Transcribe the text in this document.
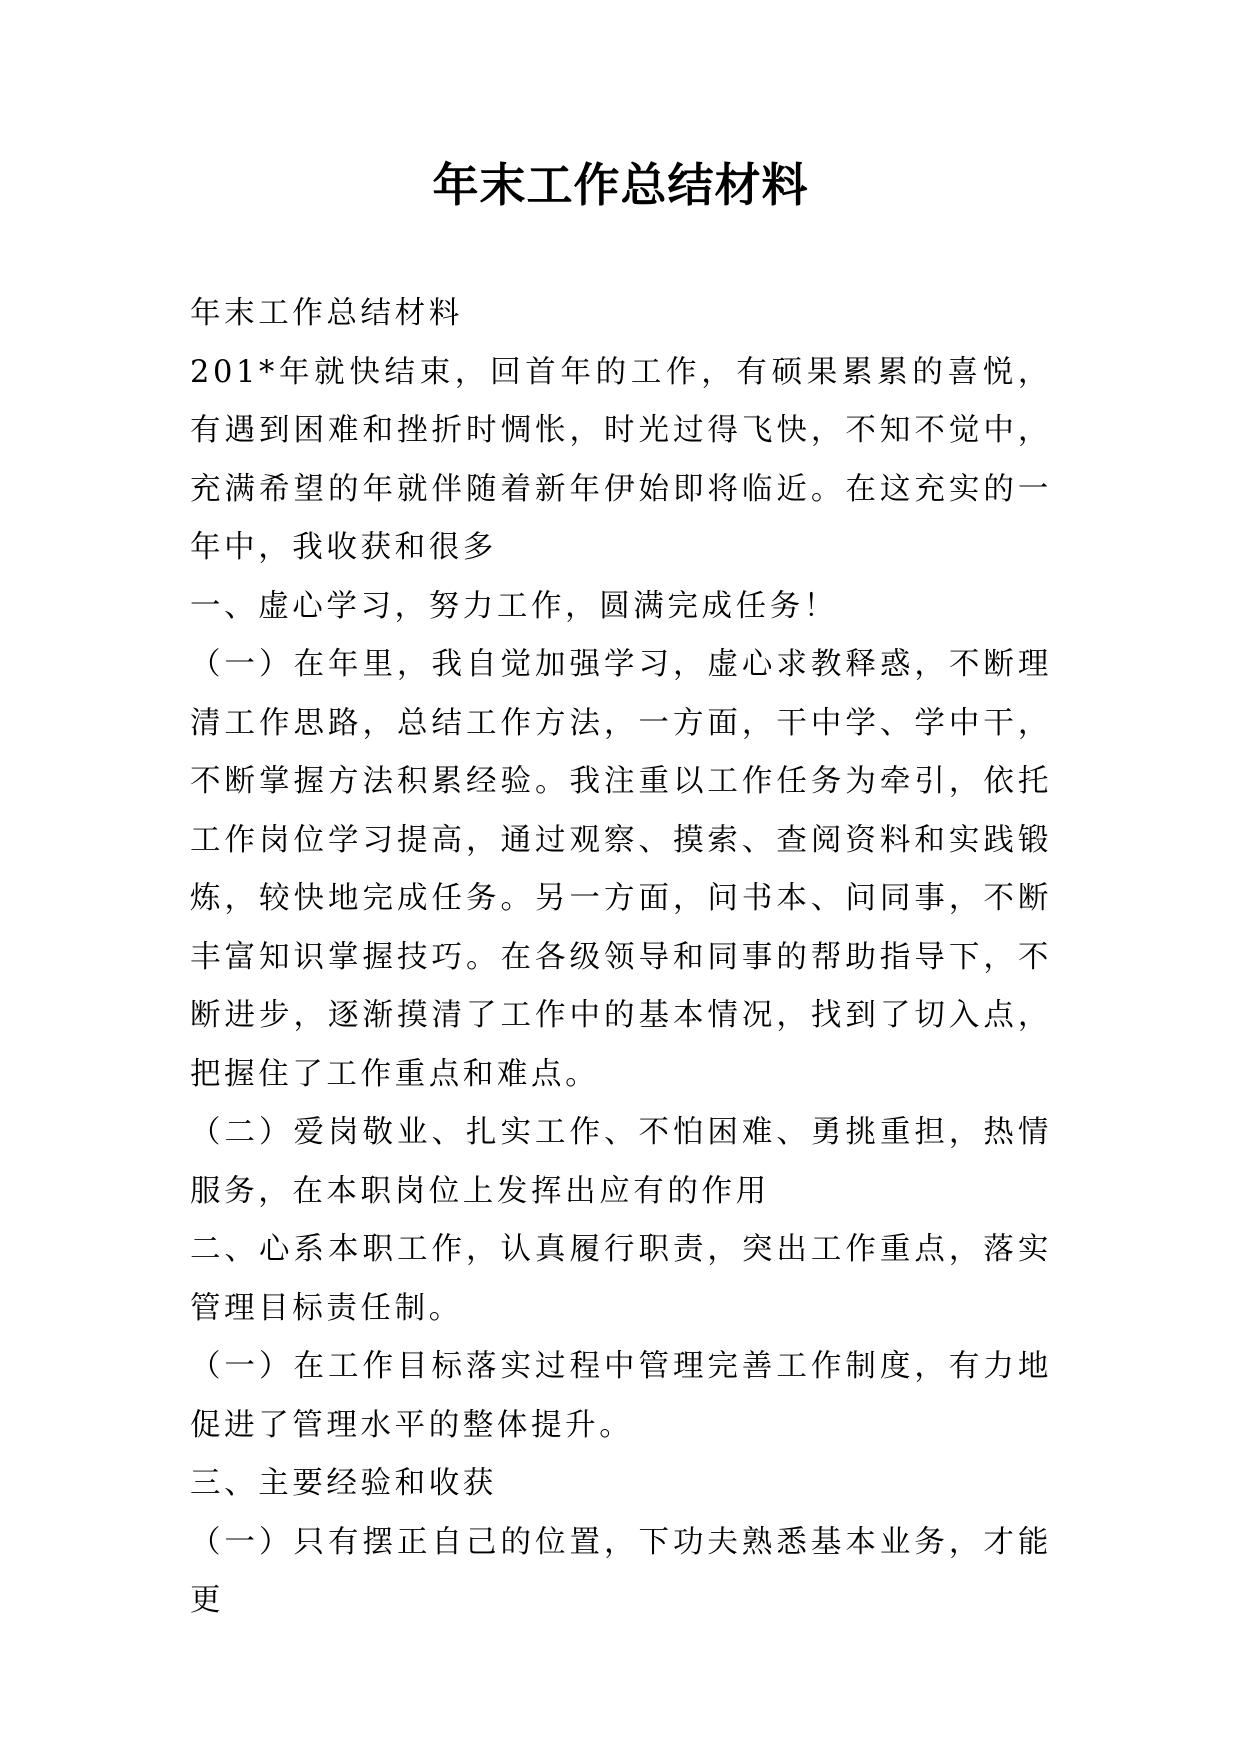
年末工作总结材料

年末工作总结材料

201*年就快结束，回首年的工作，有硕果累累的喜悦，有遇到困难和挫折时惆怅，时光过得飞快，不知不觉中，充满希望的年就伴随着新年伊始即将临近。在这充实的一年中，我收获和很多

一、虚心学习，努力工作，圆满完成任务！

（一）在年里，我自觉加强学习，虚心求教释惑，不断理清工作思路，总结工作方法，一方面，干中学、学中干，不断掌握方法积累经验。我注重以工作任务为牵引，依托工作岗位学习提高，通过观察、摸索、查阅资料和实践锻炼，较快地完成任务。另一方面，问书本、问同事，不断丰富知识掌握技巧。在各级领导和同事的帮助指导下，不断进步，逐渐摸清了工作中的基本情况，找到了切入点，把握住了工作重点和难点。

（二）爱岗敬业、扎实工作、不怕困难、勇挑重担，热情服务，在本职岗位上发挥出应有的作用

二、心系本职工作，认真履行职责，突出工作重点，落实管理目标责任制。

（一）在工作目标落实过程中管理完善工作制度，有力地促进了管理水平的整体提升。

三、主要经验和收获

（一）只有摆正自己的位置，下功夫熟悉基本业务，才能更
